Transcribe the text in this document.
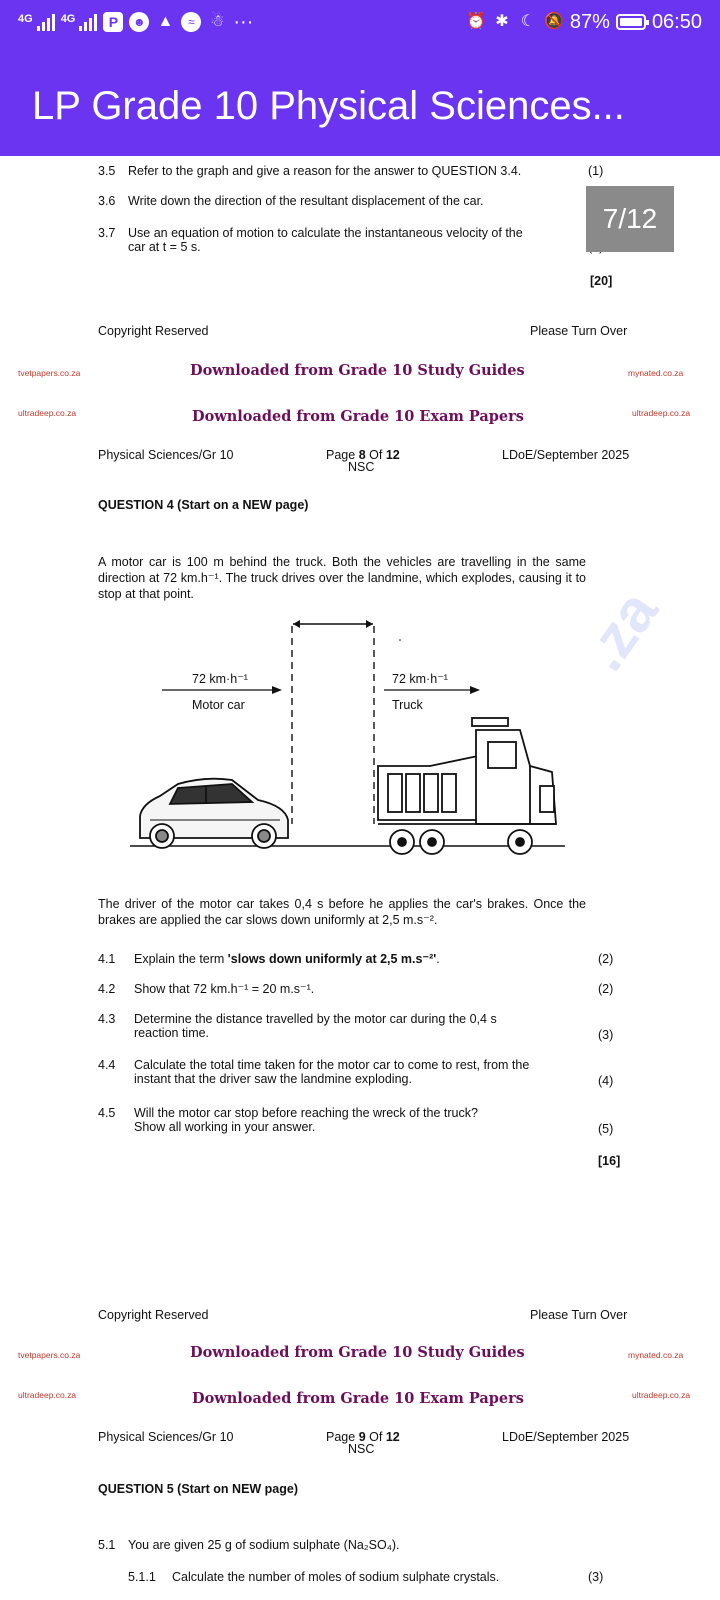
4G	4G	P	☻ ▲	≈ ☃ ···	⏰ ✱ ☾ 🔕 87% 06:50
LP Grade 10 Physical Sciences...
3.5 Refer to the graph and give a reason for the answer to QUESTION 3.4.	(1)
3.6 Write down the direction of the resultant displacement of the car.
3.7 Use an equation of motion to calculate the instantaneous velocity of the
car at t = 5 s.
7/12
[20]
Copyright Reserved	Please Turn Over
tvetpapers.co.za	Downloaded from Grade 10 Study Guides	mynated.co.za
ultradeep.co.za	Downloaded from Grade 10 Exam Papers	ultradeep.co.za
Physical Sciences/Gr 10	Page 8 Of 12
NSC
LDoE/September 2025
QUESTION 4 (Start on a NEW page)
A motor car is 100 m behind the truck. Both the vehicles are travelling in the same direction at 72 km.h⁻¹. The truck drives over the landmine, which explodes, causing it to stop at that point.
72 km·h⁻¹
Motor car
72 km·h⁻¹
Truck
The driver of the motor car takes 0,4 s before he applies the car's brakes. Once the brakes are applied the car slows down uniformly at 2,5 m.s⁻².
4.1 Explain the term 'slows down uniformly at 2,5 m.s⁻²'.	(2)
4.2 Show that 72 km.h⁻¹ = 20 m.s⁻¹.	(2)
4.3 Determine the distance travelled by the motor car during the 0,4 s
reaction time.	(3)
4.4 Calculate the total time taken for the motor car to come to rest, from the
instant that the driver saw the landmine exploding.	(4)
4.5 Will the motor car stop before reaching the wreck of the truck?
Show all working in your answer.	(5)
[16]
Copyright Reserved	Please Turn Over
tvetpapers.co.za	Downloaded from Grade 10 Study Guides	mynated.co.za
ultradeep.co.za	Downloaded from Grade 10 Exam Papers	ultradeep.co.za
Physical Sciences/Gr 10	Page 9 Of 12
NSC
LDoE/September 2025
QUESTION 5 (Start on NEW page)
5.1 You are given 25 g of sodium sulphate (Na₂SO₄).
5.1.1 Calculate the number of moles of sodium sulphate crystals.	(3)
.za
